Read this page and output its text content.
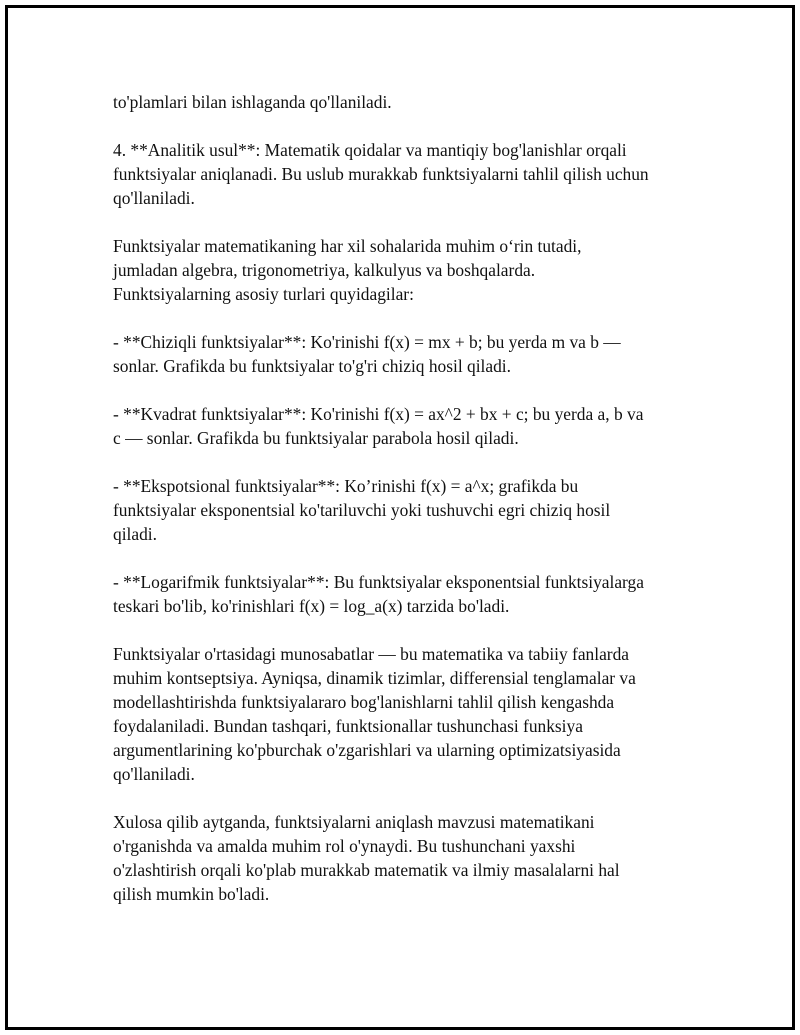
to'plamlari bilan ishlaganda qo'llaniladi.

4. **Analitik usul**: Matematik qoidalar va mantiqiy bog'lanishlar orqali
funktsiyalar aniqlanadi. Bu uslub murakkab funktsiyalarni tahlil qilish uchun
qo'llaniladi.

Funktsiyalar matematikaning har xil sohalarida muhim o‘rin tutadi,
jumladan algebra, trigonometriya, kalkulyus va boshqalarda.
Funktsiyalarning asosiy turlari quyidagilar:

- **Chiziqli funktsiyalar**: Ko'rinishi f(x) = mx + b; bu yerda m va b —
sonlar. Grafikda bu funktsiyalar to'g'ri chiziq hosil qiladi.

- **Kvadrat funktsiyalar**: Ko'rinishi f(x) = ax^2 + bx + c; bu yerda a, b va
c — sonlar. Grafikda bu funktsiyalar parabola hosil qiladi.

- **Ekspotsional funktsiyalar**: Ko’rinishi f(x) = a^x; grafikda bu
funktsiyalar eksponentsial ko'tariluvchi yoki tushuvchi egri chiziq hosil
qiladi.

- **Logarifmik funktsiyalar**: Bu funktsiyalar eksponentsial funktsiyalarga
teskari bo'lib, ko'rinishlari f(x) = log_a(x) tarzida bo'ladi.

Funktsiyalar o'rtasidagi munosabatlar — bu matematika va tabiiy fanlarda
muhim kontseptsiya. Ayniqsa, dinamik tizimlar, differensial tenglamalar va
modellashtirishda funktsiyalararo bog'lanishlarni tahlil qilish kengashda
foydalaniladi. Bundan tashqari, funktsionallar tushunchasi funksiya
argumentlarining ko'pburchak o'zgarishlari va ularning optimizatsiyasida
qo'llaniladi.

Xulosa qilib aytganda, funktsiyalarni aniqlash mavzusi matematikani
o'rganishda va amalda muhim rol o'ynaydi. Bu tushunchani yaxshi
o'zlashtirish orqali ko'plab murakkab matematik va ilmiy masalalarni hal
qilish mumkin bo'ladi.
